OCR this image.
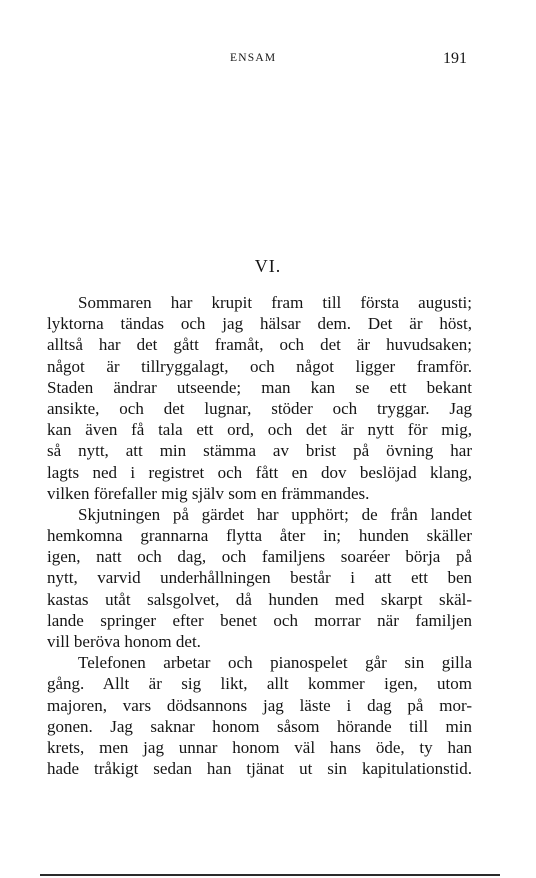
ENSAM	191
VI.
Sommaren har krupit fram till första augusti;
lyktorna tändas och jag hälsar dem. Det är höst,
alltså har det gått framåt, och det är huvudsaken;
något är tillryggalagt, och något ligger framför.
Staden ändrar utseende; man kan se ett bekant
ansikte, och det lugnar, stöder och tryggar. Jag
kan även få tala ett ord, och det är nytt för mig,
så nytt, att min stämma av brist på övning har
lagts ned i registret och fått en dov beslöjad klang,
vilken förefaller mig själv som en främmandes.
Skjutningen på gärdet har upphört; de från landet
hemkomna grannarna flytta åter in; hunden skäller
igen, natt och dag, och familjens soaréer börja på
nytt, varvid underhållningen består i att ett ben
kastas utåt salsgolvet, då hunden med skarpt skäl-
lande springer efter benet och morrar när familjen
vill beröva honom det.
Telefonen arbetar och pianospelet går sin gilla
gång. Allt är sig likt, allt kommer igen, utom
majoren, vars dödsannons jag läste i dag på mor-
gonen. Jag saknar honom såsom hörande till min
krets, men jag unnar honom väl hans öde, ty han
hade tråkigt sedan han tjänat ut sin kapitulationstid.
